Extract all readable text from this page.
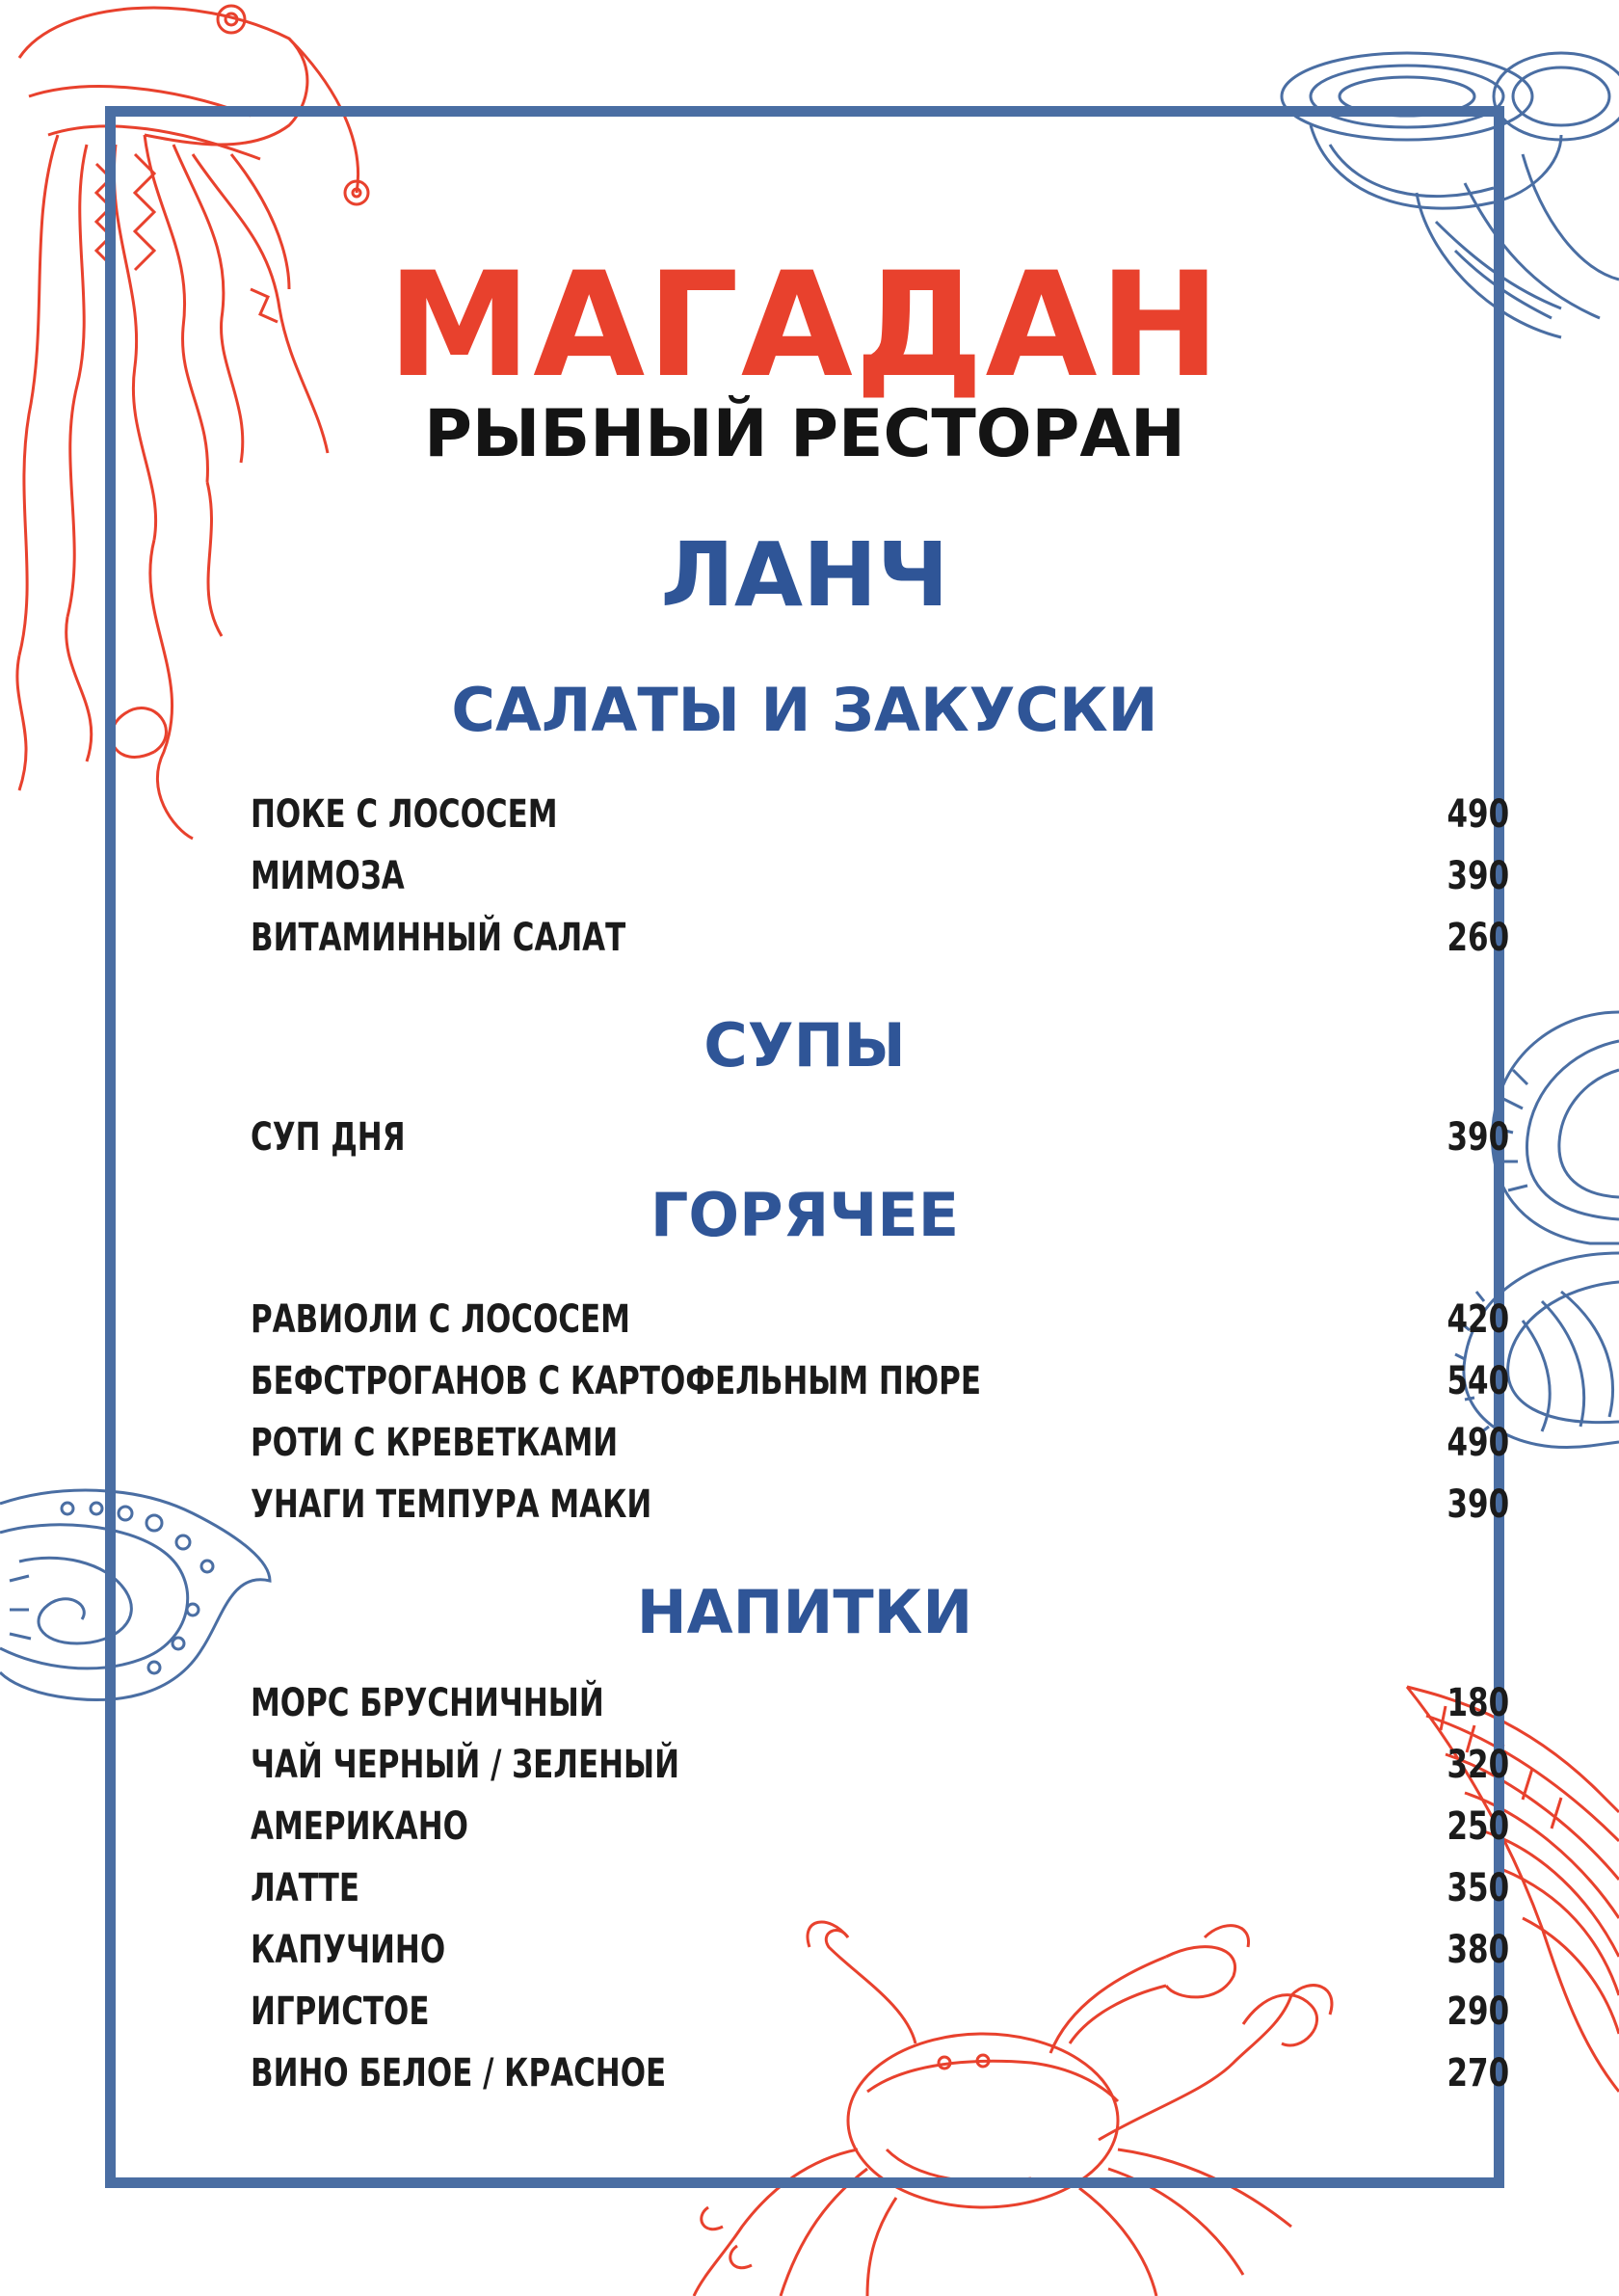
МАГАДАН
РЫБНЫЙ РЕСТОРАН
ЛАНЧ
САЛАТЫ И ЗАКУСКИ
ПОКЕ С ЛОСОСЕМ	490
МИМОЗА	390
ВИТАМИННЫЙ САЛАТ	260
СУПЫ
СУП ДНЯ	390
ГОРЯЧЕЕ
РАВИОЛИ С ЛОСОСЕМ	420
БЕФСТРОГАНОВ С КАРТОФЕЛЬНЫМ ПЮРЕ	540
РОТИ С КРЕВЕТКАМИ	490
УНАГИ ТЕМПУРА МАКИ	390
НАПИТКИ
МОРС БРУСНИЧНЫЙ	180
ЧАЙ ЧЕРНЫЙ / ЗЕЛЕНЫЙ	320
АМЕРИКАНО	250
ЛАТТЕ	350
КАПУЧИНО	380
ИГРИСТОЕ	290
ВИНО БЕЛОЕ / КРАСНОЕ	270
